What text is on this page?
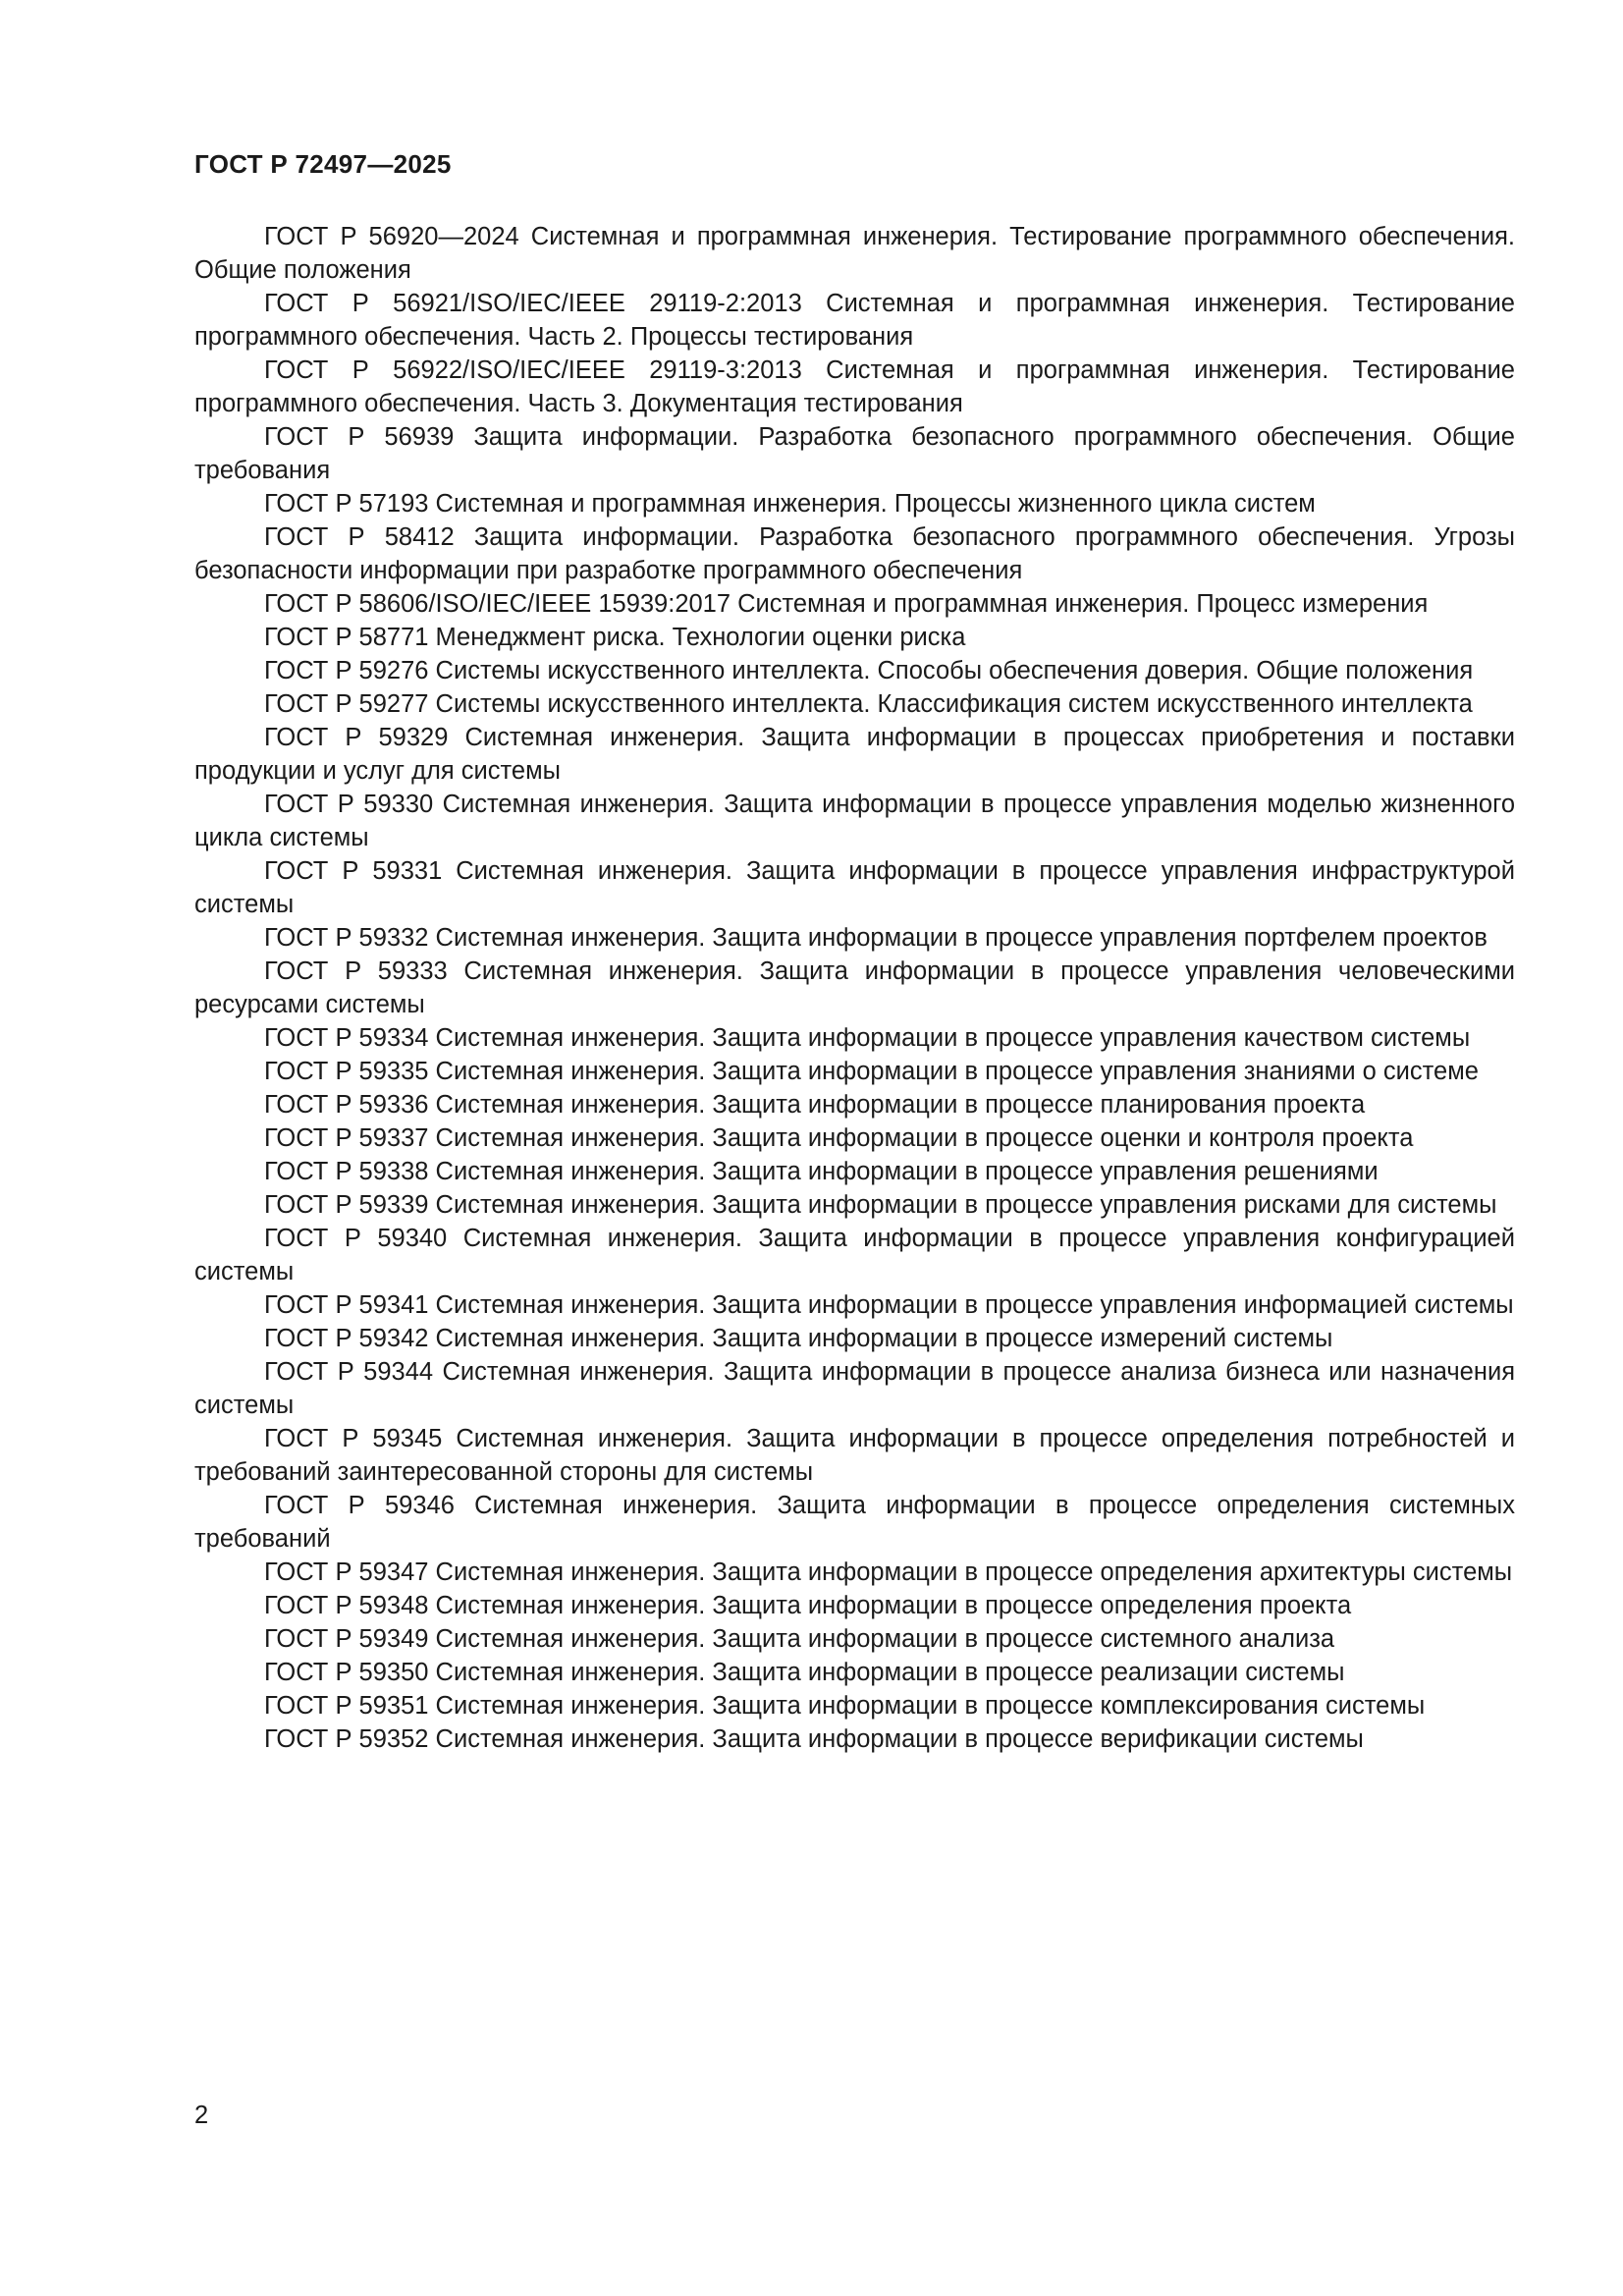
ГОСТ Р 72497—2025

ГОСТ Р 56920—2024 Системная и программная инженерия. Тестирование программного обеспечения. Общие положения

ГОСТ Р 56921/ISO/IEC/IEEE 29119-2:2013 Системная и программная инженерия. Тестирование программного обеспечения. Часть 2. Процессы тестирования

ГОСТ Р 56922/ISO/IEC/IEEE 29119-3:2013 Системная и программная инженерия. Тестирование программного обеспечения. Часть 3. Документация тестирования

ГОСТ Р 56939 Защита информации. Разработка безопасного программного обеспечения. Общие требования

ГОСТ Р 57193 Системная и программная инженерия. Процессы жизненного цикла систем

ГОСТ Р 58412 Защита информации. Разработка безопасного программного обеспечения. Угрозы безопасности информации при разработке программного обеспечения

ГОСТ Р 58606/ISO/IEC/IEEE 15939:2017 Системная и программная инженерия. Процесс измерения

ГОСТ Р 58771 Менеджмент риска. Технологии оценки риска

ГОСТ Р 59276 Системы искусственного интеллекта. Способы обеспечения доверия. Общие положения

ГОСТ Р 59277 Системы искусственного интеллекта. Классификация систем искусственного интеллекта

ГОСТ Р 59329 Системная инженерия. Защита информации в процессах приобретения и поставки продукции и услуг для системы

ГОСТ Р 59330 Системная инженерия. Защита информации в процессе управления моделью жизненного цикла системы

ГОСТ Р 59331 Системная инженерия. Защита информации в процессе управления инфраструктурой системы

ГОСТ Р 59332 Системная инженерия. Защита информации в процессе управления портфелем проектов

ГОСТ Р 59333 Системная инженерия. Защита информации в процессе управления человеческими ресурсами системы

ГОСТ Р 59334 Системная инженерия. Защита информации в процессе управления качеством системы

ГОСТ Р 59335 Системная инженерия. Защита информации в процессе управления знаниями о системе

ГОСТ Р 59336 Системная инженерия. Защита информации в процессе планирования проекта

ГОСТ Р 59337 Системная инженерия. Защита информации в процессе оценки и контроля проекта

ГОСТ Р 59338 Системная инженерия. Защита информации в процессе управления решениями

ГОСТ Р 59339 Системная инженерия. Защита информации в процессе управления рисками для системы

ГОСТ Р 59340 Системная инженерия. Защита информации в процессе управления конфигурацией системы

ГОСТ Р 59341 Системная инженерия. Защита информации в процессе управления информацией системы

ГОСТ Р 59342 Системная инженерия. Защита информации в процессе измерений системы

ГОСТ Р 59344 Системная инженерия. Защита информации в процессе анализа бизнеса или назначения системы

ГОСТ Р 59345 Системная инженерия. Защита информации в процессе определения потребностей и требований заинтересованной стороны для системы

ГОСТ Р 59346 Системная инженерия. Защита информации в процессе определения системных требований

ГОСТ Р 59347 Системная инженерия. Защита информации в процессе определения архитектуры системы

ГОСТ Р 59348 Системная инженерия. Защита информации в процессе определения проекта

ГОСТ Р 59349 Системная инженерия. Защита информации в процессе системного анализа

ГОСТ Р 59350 Системная инженерия. Защита информации в процессе реализации системы

ГОСТ Р 59351 Системная инженерия. Защита информации в процессе комплексирования системы

ГОСТ Р 59352 Системная инженерия. Защита информации в процессе верификации системы

2
